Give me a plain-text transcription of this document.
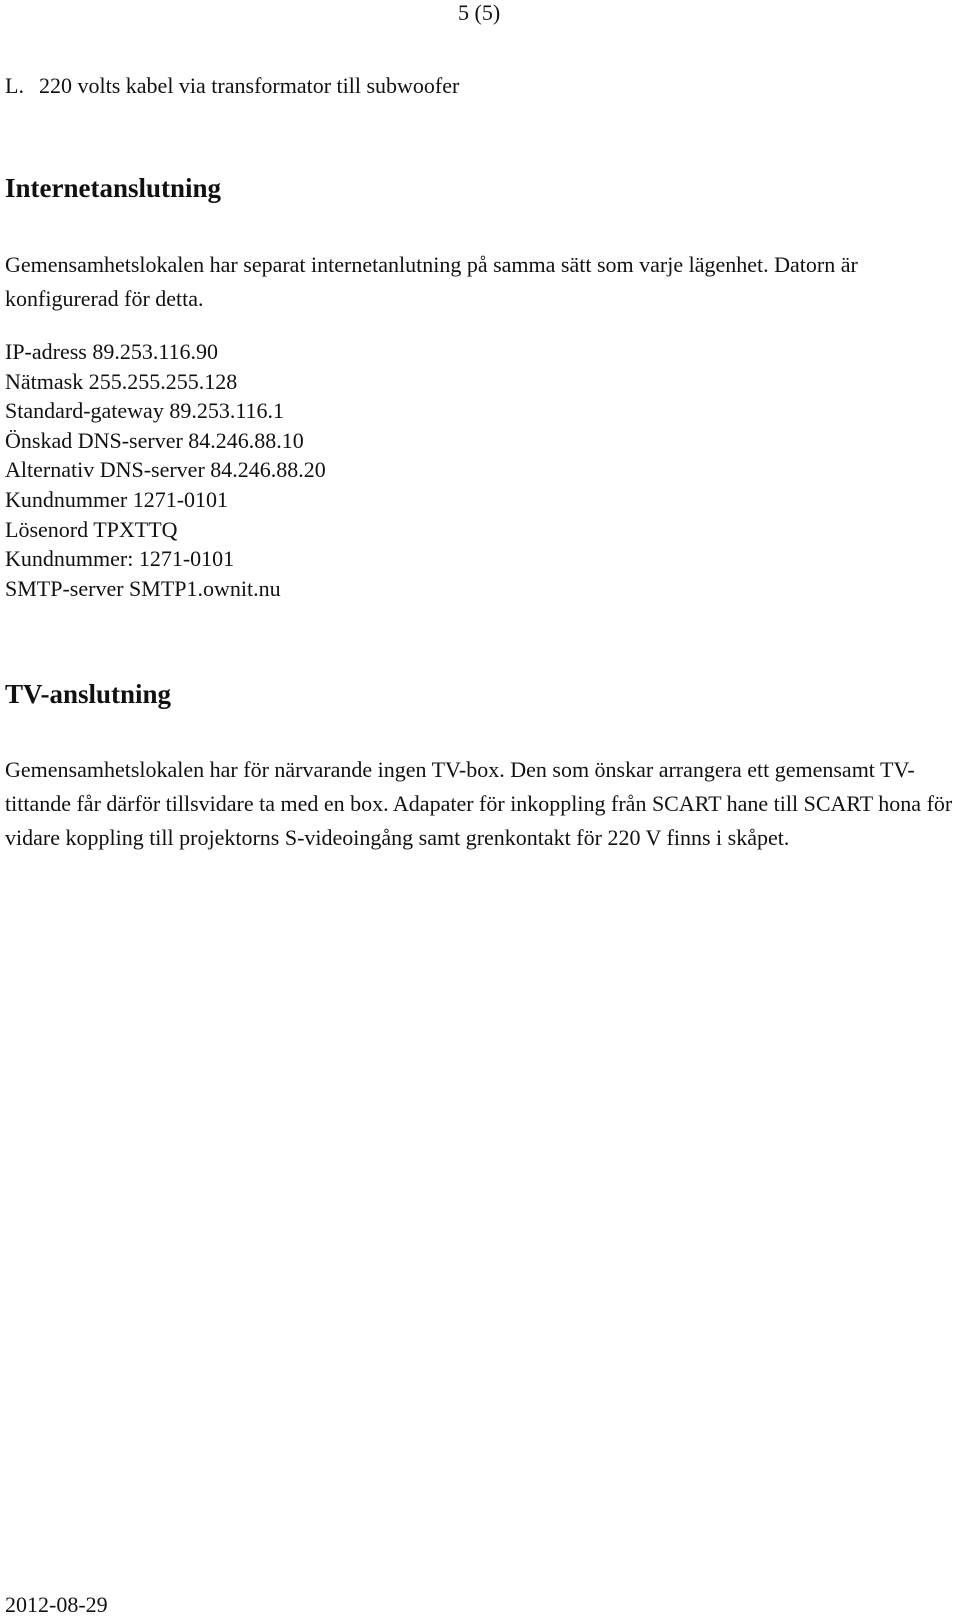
5 (5)
L. 220 volts kabel via transformator till subwoofer
Internetanslutning
Gemensamhetslokalen har separat internetanlutning på samma sätt som varje lägenhet. Datorn är konfigurerad för detta.
IP-adress 89.253.116.90
Nätmask 255.255.255.128
Standard-gateway 89.253.116.1
Önskad DNS-server 84.246.88.10
Alternativ DNS-server 84.246.88.20
Kundnummer 1271-0101
Lösenord TPXTTQ
Kundnummer: 1271-0101
SMTP-server SMTP1.ownit.nu
TV-anslutning
Gemensamhetslokalen har för närvarande ingen TV-box. Den som önskar arrangera ett gemensamt TV-tittande får därför tillsvidare ta med en box. Adapater för inkoppling från SCART hane till SCART hona för vidare koppling till projektorns S-videoingång samt grenkontakt för 220 V finns i skåpet.
2012-08-29
